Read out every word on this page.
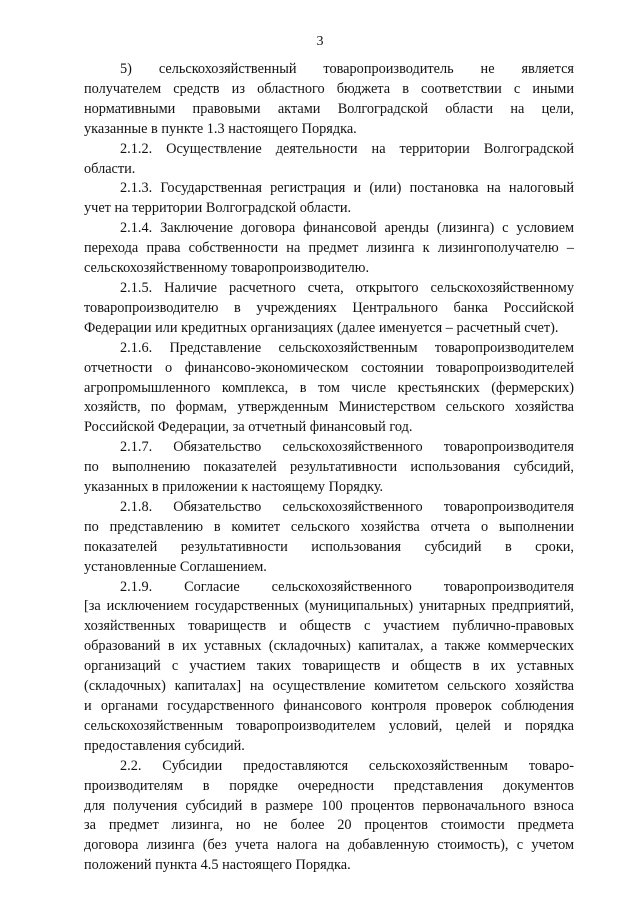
3
5) сельскохозяйственный товаропроизводитель не является
получателем средств из областного бюджета в соответствии с иными
нормативными правовыми актами Волгоградской области на цели,
указанные в пункте 1.3 настоящего Порядка.
2.1.2. Осуществление деятельности на территории Волгоградской
области.
2.1.3. Государственная регистрация и (или) постановка на налоговый
учет на территории Волгоградской области.
2.1.4. Заключение договора финансовой аренды (лизинга) с условием
перехода права собственности на предмет лизинга к лизингополучателю –
сельскохозяйственному товаропроизводителю.
2.1.5. Наличие расчетного счета, открытого сельскохозяйственному
товаропроизводителю в учреждениях Центрального банка Российской
Федерации или кредитных организациях (далее именуется – расчетный счет).
2.1.6. Представление сельскохозяйственным товаропроизводителем
отчетности о финансово-экономическом состоянии товаропроизводителей
агропромышленного комплекса, в том числе крестьянских (фермерских)
хозяйств, по формам, утвержденным Министерством сельского хозяйства
Российской Федерации, за отчетный финансовый год.
2.1.7. Обязательство сельскохозяйственного товаропроизводителя
по выполнению показателей результативности использования субсидий,
указанных в приложении к настоящему Порядку.
2.1.8. Обязательство сельскохозяйственного товаропроизводителя
по представлению в комитет сельского хозяйства отчета о выполнении
показателей результативности использования субсидий в сроки,
установленные Соглашением.
2.1.9. Согласие сельскохозяйственного товаропроизводителя
[за исключением государственных (муниципальных) унитарных предприятий,
хозяйственных товариществ и обществ с участием публично-правовых
образований в их уставных (складочных) капиталах, а также коммерческих
организаций с участием таких товариществ и обществ в их уставных
(складочных) капиталах] на осуществление комитетом сельского хозяйства
и органами государственного финансового контроля проверок соблюдения
сельскохозяйственным товаропроизводителем условий, целей и порядка
предоставления субсидий.
2.2. Субсидии предоставляются сельскохозяйственным товаро-
производителям в порядке очередности представления документов
для получения субсидий в размере 100 процентов первоначального взноса
за предмет лизинга, но не более 20 процентов стоимости предмета
договора лизинга (без учета налога на добавленную стоимость), с учетом
положений пункта 4.5 настоящего Порядка.
